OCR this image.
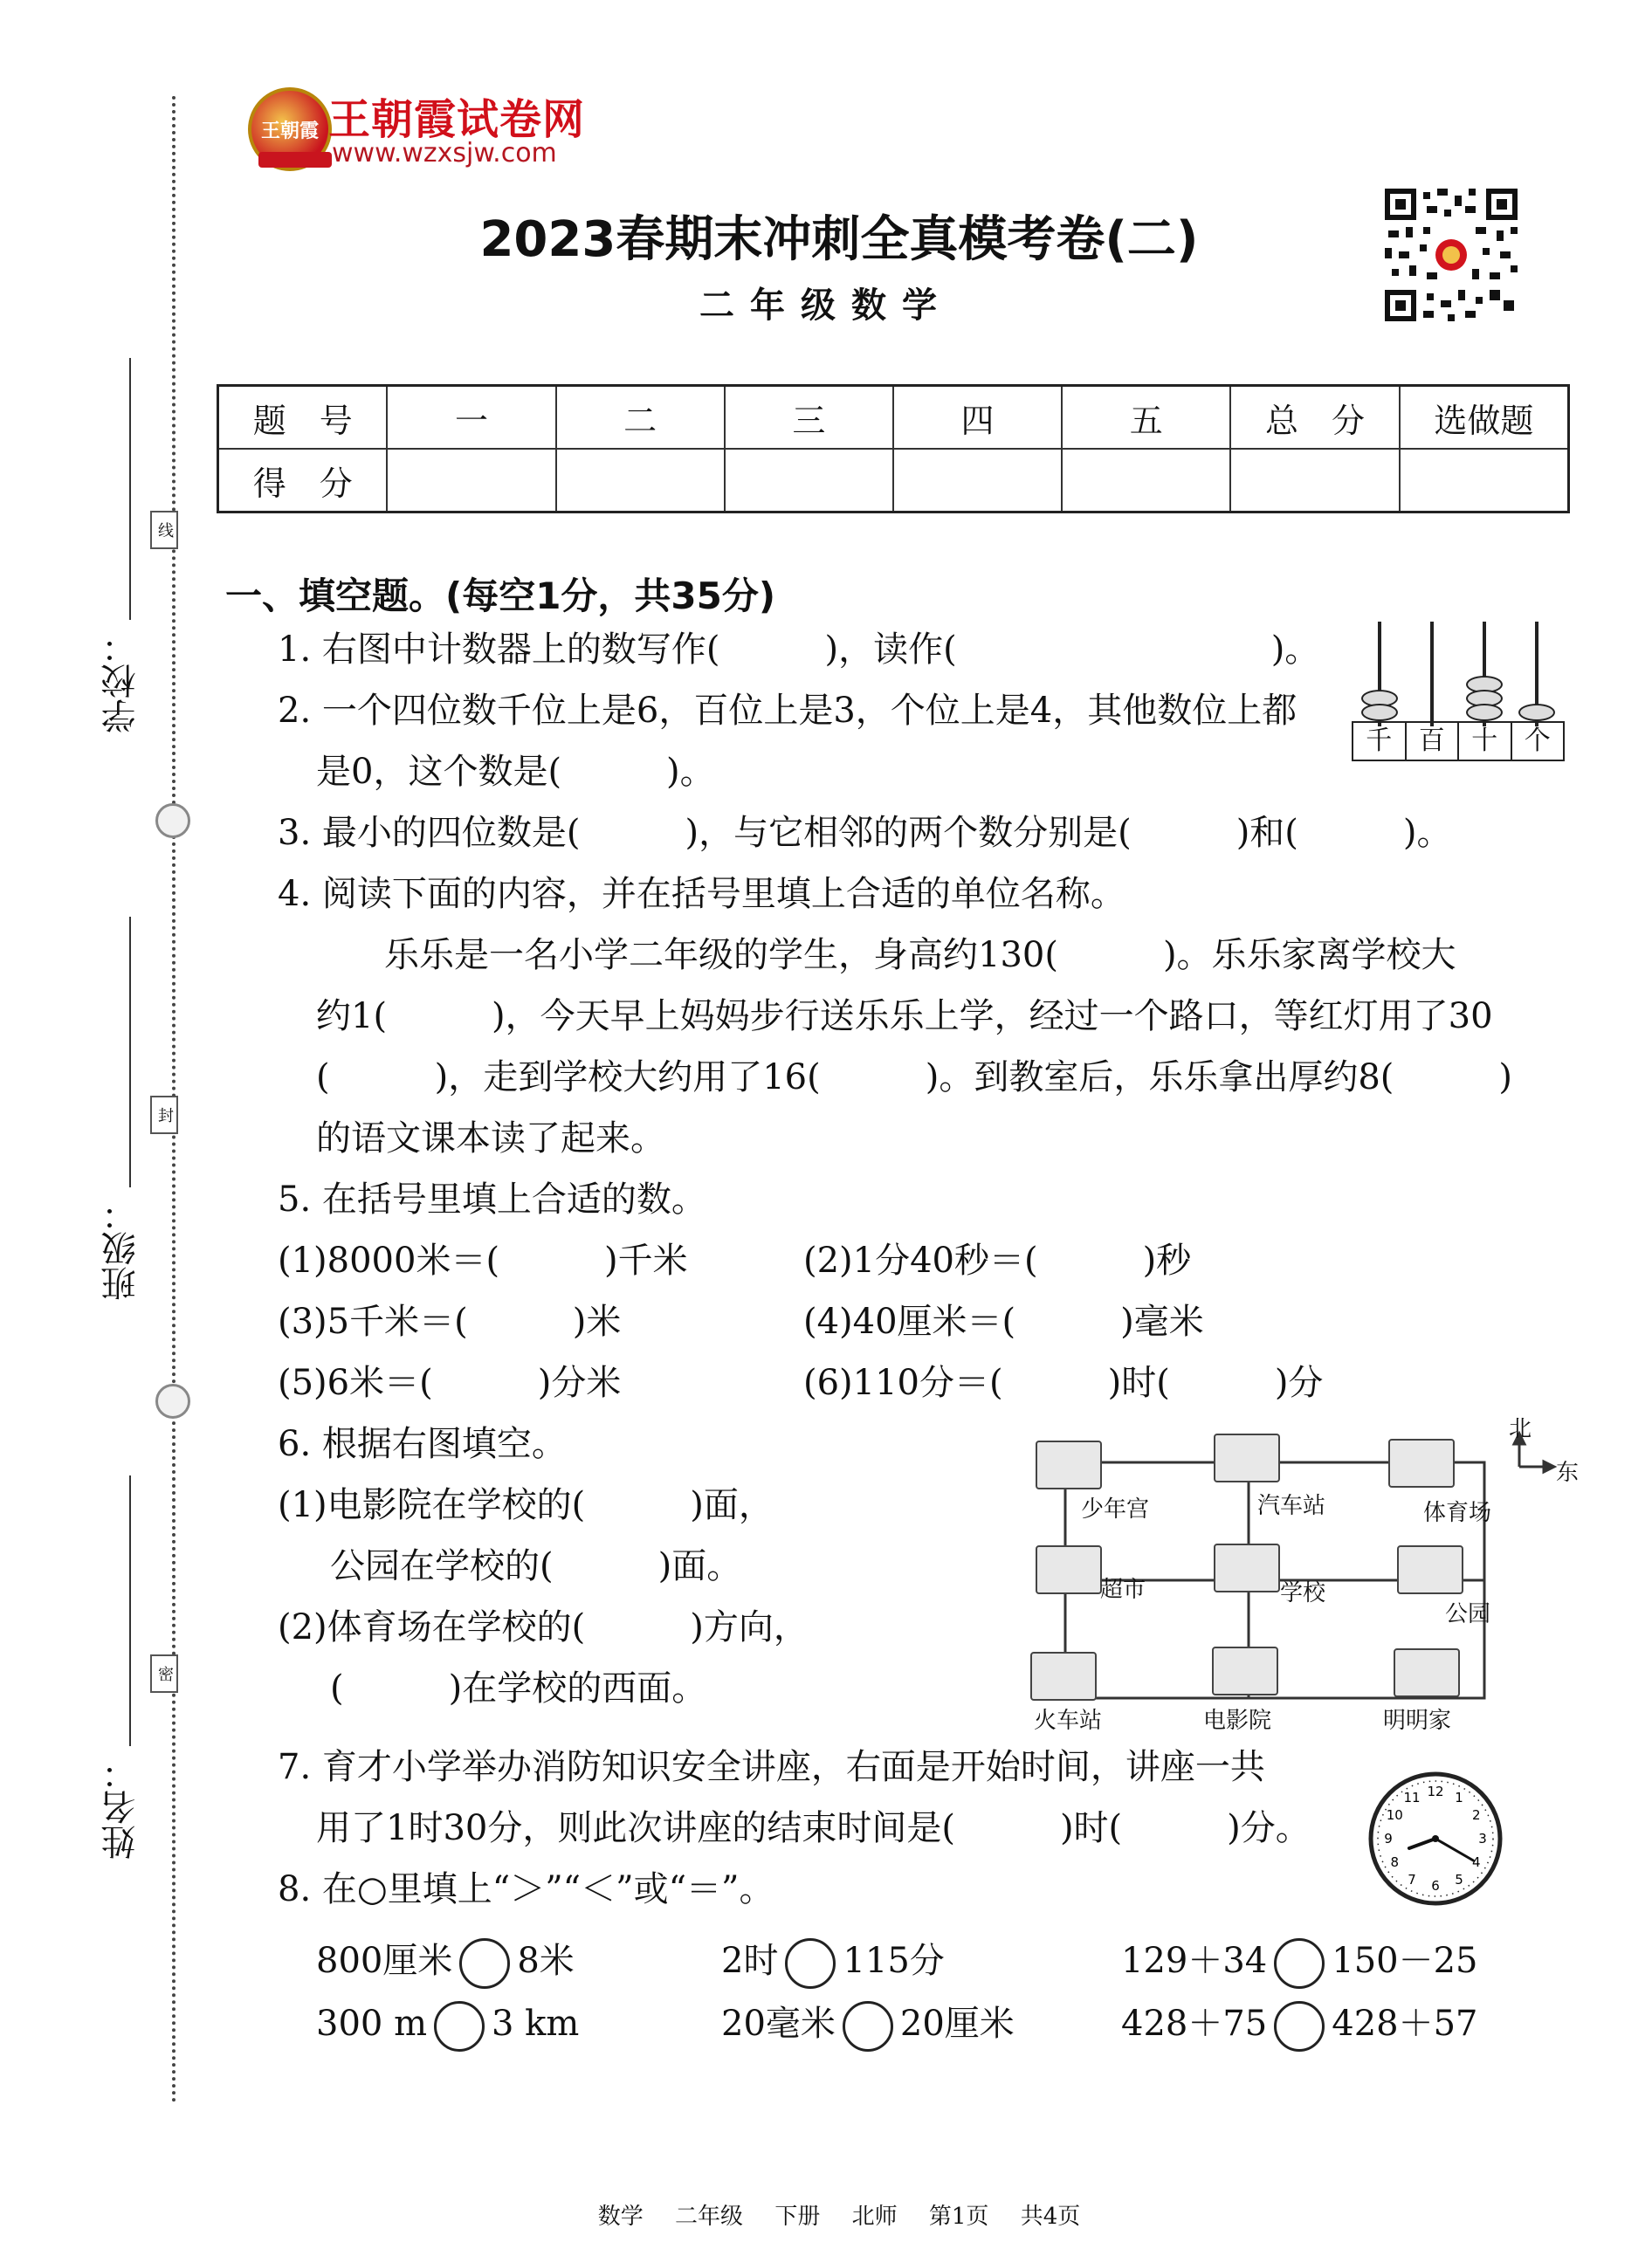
线
封
密
学校：
班级：
姓名：
王朝霞 王朝霞试卷网
www.wzxsjw.com
2023春期末冲刺全真模考卷(二)
二年级数学
题　号	一	二	三	四	五	总　分	选做题
得　分							
一、填空题。(每空1分，共35分)
1. 右图中计数器上的数写作(　　　)，读作(　　　　　　　　　)。
千	百	十	个
2. 一个四位数千位上是6，百位上是3，个位上是4，其他数位上都
是0，这个数是(　　　)。
3. 最小的四位数是(　　　)，与它相邻的两个数分别是(　　　)和(　　　)。
4. 阅读下面的内容，并在括号里填上合适的单位名称。
乐乐是一名小学二年级的学生，身高约130(　　　)。乐乐家离学校大
约1(　　　)，今天早上妈妈步行送乐乐上学，经过一个路口，等红灯用了30
(　　　)，走到学校大约用了16(　　　)。到教室后，乐乐拿出厚约8(　　　)
的语文课本读了起来。
5. 在括号里填上合适的数。
(1)8000米＝(　　　)千米	(2)1分40秒＝(　　　)秒
(3)5千米＝(　　　)米	(4)40厘米＝(　　　)毫米
(5)6米＝(　　　)分米	(6)110分＝(　　　)时(　　　)分
6. 根据右图填空。
(1)电影院在学校的(　　　)面，
公园在学校的(　　　)面。
(2)体育场在学校的(　　　)方向，
(　　　)在学校的西面。
少年宫	汽车站	体育场
超市	学校
公园
火车站	电影院	明明家
北
东
7. 育才小学举办消防知识安全讲座，右面是开始时间，讲座一共
用了1时30分，则此次讲座的结束时间是(　　　)时(　　　)分。
12 1
2
3
4
5
6
7
8
9
10
11
8. 在○里填上“＞”“＜”或“＝”。
800厘米 8米	2时 115分	129＋34 150－25
300 m 3 km	20毫米 20厘米	428＋75 428＋57
数学 二年级 下册 北师 第1页 共4页
